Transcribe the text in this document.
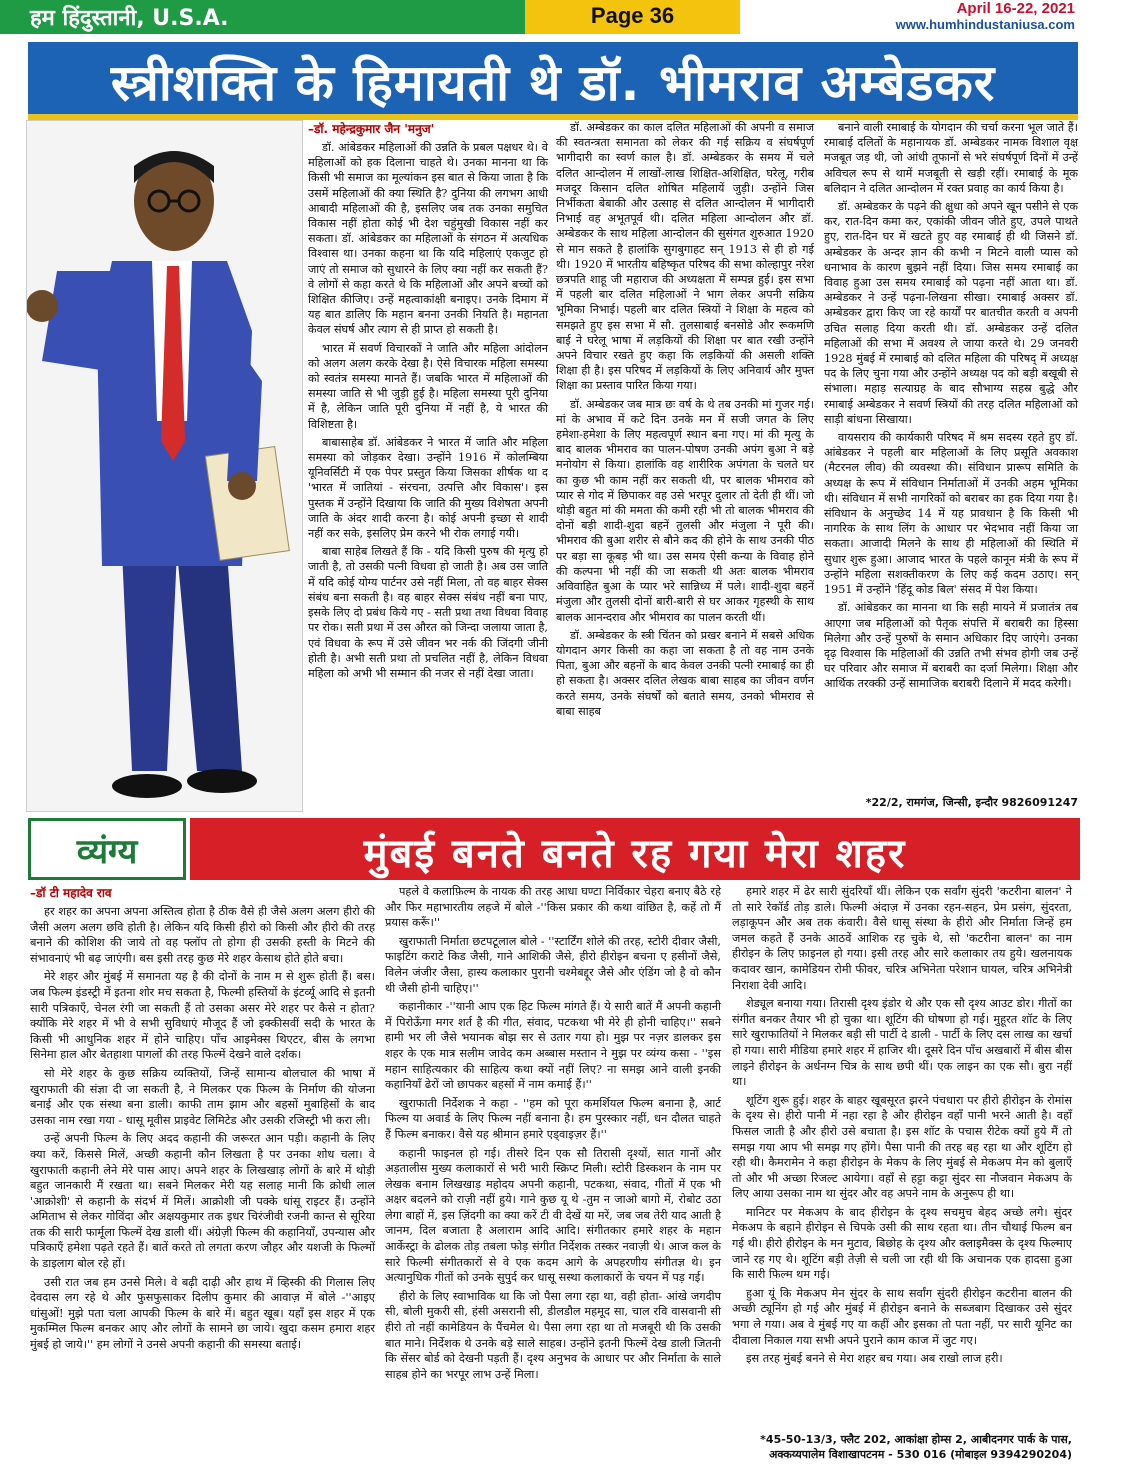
हम हिंदुस्तानी, U.S.A.	Page 36	April 16-22, 2021
www.humhindustaniusa.com
स्त्रीशक्ति के हिमायती थे डॉ. भीमराव अम्बेडकर

–डॉ. महेन्द्रकुमार जैन 'मनुज'

डॉ. आंबेडकर महिलाओं की उन्नति के प्रबल पक्षधर थे। वे महिलाओं को हक दिलाना चाहते थे। उनका मानना था कि किसी भी समाज का मूल्यांकन इस बात से किया जाता है कि उसमें महिलाओं की क्या स्थिति है? दुनिया की लगभग आधी आबादी महिलाओं की है, इसलिए जब तक उनका समुचित विकास नहीं होता कोई भी देश चहुंमुखी विकास नहीं कर सकता। डॉ. आंबेडकर का महिलाओं के संगठन में अत्यधिक विश्वास था। उनका कहना था कि यदि महिलाएं एकजुट हो जाएं तो समाज को सुधारने के लिए क्या नहीं कर सकती हैं? वे लोगों से कहा करते थे कि महिलाओं और अपने बच्चों को शिक्षित कीजिए। उन्हें महत्वाकांक्षी बनाइए। उनके दिमाग में यह बात डालिए कि महान बनना उनकी नियति है। महानता केवल संघर्ष और त्याग से ही प्राप्त हो सकती है।

भारत में सवर्ण विचारकों ने जाति और महिला आंदोलन को अलग अलग करके देखा है। ऐसे विचारक महिला समस्या को स्वतंत्र समस्या मानते हैं। जबकि भारत में महिलाओं की समस्या जाति से भी जुड़ी हुई है। महिला समस्या पूरी दुनिया में है, लेकिन जाति पूरी दुनिया में नहीं है, ये भारत की विशिष्टता है।

बाबासाहेब डॉ. आंबेडकर ने भारत में जाति और महिला समस्या को जोड़कर देखा। उन्होंने 1916 में कोलम्बिया यूनिवर्सिटी में एक पेपर प्रस्तुत किया जिसका शीर्षक था द 'भारत में जातियां - संरचना, उत्पत्ति और विकास'। इस पुस्तक में उन्होंने दिखाया कि जाति की मुख्य विशेषता अपनी जाति के अंदर शादी करना है। कोई अपनी इच्छा से शादी नहीं कर सके, इसलिए प्रेम करने भी रोक लगाई गयी।

बाबा साहेब लिखते हैं कि - यदि किसी पुरुष की मृत्यु हो जाती है, तो उसकी पत्नी विधवा हो जाती है। अब उस जाति में यदि कोई योग्य पार्टनर उसे नहीं मिला, तो वह बाहर सेक्स संबंध बना सकती है। वह बाहर सेक्स संबंध नहीं बना पाए, इसके लिए दो प्रबंध किये गए - सती प्रथा तथा विधवा विवाह पर रोक। सती प्रथा में उस औरत को जिन्दा जलाया जाता है, एवं विधवा के रूप में उसे जीवन भर नर्क की जिंदगी जीनी होती है। अभी सती प्रथा तो प्रचलित नहीं है, लेकिन विधवा महिला को अभी भी सम्मान की नजर से नहीं देखा जाता।

डॉ. अम्बेडकर का काल दलित महिलाओं की अपनी व समाज की स्वतन्त्रता समानता को लेकर की गई सक्रिय व संघर्षपूर्ण भागीदारी का स्वर्ण काल है। डॉ. अम्बेडकर के समय में चले दलित आन्दोलन में लाखों-लाख शिक्षित-अशिक्षित, घरेलू, गरीब मजदूर किसान दलित शोषित महिलायें जुड़ी। उन्होंने जिस निर्भीकता बेबाकी और उत्साह से दलित आन्दोलन में भागीदारी निभाई वह अभूतपूर्व थी। दलित महिला आन्दोलन और डॉ. अम्बेडकर के साथ महिला आन्दोलन की सुसंगत शुरुआत 1920 से मान सकते है हालांकि सुगबुगाहट सन् 1913 से ही हो गई थी। 1920 में भारतीय बहिष्कृत परिषद की सभा कोल्हापुर नरेश छत्रपति शाहू जी महाराज की अध्यक्षता में सम्पन्न हुई। इस सभा में पहली बार दलित महिलाओं ने भाग लेकर अपनी सक्रिय भूमिका निभाई। पहली बार दलित स्त्रियों ने शिक्षा के महत्व को समझते हुए इस सभा में सौ. तुलसाबाई बनसोडे और रूकमणि बाई ने घरेलू भाषा में लड़कियों की शिक्षा पर बात रखी उन्होंने अपने विचार रखते हुए कहा कि लड़कियों की असली शक्ति शिक्षा ही है। इस परिषद में लड़कियों के लिए अनिवार्य और मुफ्त शिक्षा का प्रस्ताव पारित किया गया।

डॉ. अम्बेडकर जब मात्र छः वर्ष के थे तब उनकी मां गुजर गई। मां के अभाव में कटे दिन उनके मन में सजी जगत के लिए हमेशा-हमेशा के लिए महत्वपूर्ण स्थान बना गए। मां की मृत्यु के बाद बालक भीमराव का पालन-पोषण उनकी अपंग बुआ ने बड़े मनोयोग से किया। हालांकि वह शारीरिक अपंगता के चलते घर का कुछ भी काम नहीं कर सकती थी, पर बालक भीमराव को प्यार से गोद में छिपाकर वह उसे भरपूर दुलार तो देती ही थीं। जो थोड़ी बहुत मां की ममता की कमी रही भी तो बालक भीमराव की दोनों बड़ी शादी-शुदा बहनें तुलसी और मंजुला ने पूरी की। भीमराव की बुआ शरीर से बौने कद की होने के साथ उनकी पीठ पर बड़ा सा कूबड़ भी था। उस समय ऐसी कन्या के विवाह होने की कल्पना भी नहीं की जा सकती थी अतः बालक भीमराव अविवाहित बुआ के प्यार भरे सान्निध्य में पले। शादी-शुदा बहनें मंजुला और तुलसी दोनों बारी-बारी से घर आकर गृहस्थी के साथ बालक आनन्दराव और भीमराव का पालन करती थीं।

डॉ. अम्बेडकर के स्त्री चिंतन को प्रखर बनाने में सबसे अधिक योगदान अगर किसी का कहा जा सकता है तो वह नाम उनके पिता, बुआ और बहनों के बाद केवल उनकी पत्नी रमाबाई का ही हो सकता है। अक्सर दलित लेखक बाबा साहब का जीवन वर्णन करते समय, उनके संघर्षों को बताते समय, उनको भीमराव से बाबा साहब

बनाने वाली रमाबाई के योगदान की चर्चा करना भूल जाते हैं। रमाबाई दलितों के महानायक डॉ. अम्बेडकर नामक विशाल वृक्ष मजबूत जड़ थी, जो आंधी तूफानों से भरे संघर्षपूर्ण दिनों में उन्हें अविचल रूप से थामें मजबूती से खड़ी रहीं। रमाबाई के मूक बलिदान ने दलित आन्दोलन में रक्त प्रवाह का कार्य किया है।

डॉ. अम्बेडकर के पढ़ने की क्षुधा को अपने खून पसीने से एक कर, रात-दिन कमा कर, एकांकी जीवन जीते हुए, उपले पाथते हुए, रात-दिन घर में खटते हुए वह रमाबाई ही थी जिसने डॉ. अम्बेडकर के अन्दर ज्ञान की कभी न मिटने वाली प्यास को धनाभाव के कारण बुझने नहीं दिया। जिस समय रमाबाई का विवाह हुआ उस समय रमाबाई को पढ़ना नहीं आता था। डॉ. अम्बेडकर ने उन्हें पढ़ना-लिखना सीखा। रमाबाई अक्सर डॉ. अम्बेडकर द्वारा किए जा रहे कार्यों पर बातचीत करती व अपनी उचित सलाह दिया करती थी। डॉ. अम्बेडकर उन्हें दलित महिलाओं की सभा में अवश्य ले जाया करते थे। 29 जनवरी 1928 मुंबई में रमाबाई को दलित महिला की परिषद् में अध्यक्ष पद के लिए चुना गया और उन्होंने अध्यक्ष पद को बड़ी बखूबी से संभाला। महाड़ सत्याग्रह के बाद सौभाग्य सहस्र बुद्धे और रमाबाई अम्बेडकर ने सवर्ण स्त्रियों की तरह दलित महिलाओं को साड़ी बांधना सिखाया।

वायसराय की कार्यकारी परिषद में श्रम सदस्य रहते हुए डॉ. आंबेडकर ने पहली बार महिलाओं के लिए प्रसूति अवकाश (मैटरनल लीव) की व्यवस्था की। संविधान प्रारूप समिति के अध्यक्ष के रूप में संविधान निर्माताओं में उनकी अहम भूमिका थी। संविधान में सभी नागरिकों को बराबर का हक दिया गया है। संविधान के अनुच्छेद 14 में यह प्रावधान है कि किसी भी नागरिक के साथ लिंग के आधार पर भेदभाव नहीं किया जा सकता। आजादी मिलने के साथ ही महिलाओं की स्थिति में सुधार शुरू हुआ। आजाद भारत के पहले कानून मंत्री के रूप में उन्होंने महिला सशक्तीकरण के लिए कई कदम उठाए। सन् 1951 में उन्होंने 'हिंदू कोड बिल' संसद में पेश किया।

डॉ. आंबेडकर का मानना था कि सही मायने में प्रजातंत्र तब आएगा जब महिलाओं को पैतृक संपत्ति में बराबरी का हिस्सा मिलेगा और उन्हें पुरुषों के समान अधिकार दिए जाएंगे। उनका दृढ़ विश्वास कि महिलाओं की उन्नति तभी संभव होगी जब उन्हें घर परिवार और समाज में बराबरी का दर्जा मिलेगा। शिक्षा और आर्थिक तरक्की उन्हें सामाजिक बराबरी दिलाने में मदद करेगी।

*22/2, रामगंज, जिन्सी, इन्दौर 9826091247
व्यंग्य	मुंबई बनते बनते रह गया मेरा शहर

–डॉ टी महादेव राव

हर शहर का अपना अपना अस्तित्व होता है ठीक वैसे ही जैसे अलग अलग हीरो की जैसी अलग अलग छवि होती है। लेकिन यदि किसी हीरो को किसी और हीरो की तरह बनाने की कोशिश की जाये तो वह फ्लॉप तो होगा ही उसकी हस्ती के मिटने की संभावनाएं भी बढ़ जाएंगी। बस इसी तरह कुछ मेरे शहर केसाथ होते होते बचा।

मेरे शहर और मुंबई में समानता यह है की दोनों के नाम म से शुरू होती हैं। बस। जब फिल्म इंडस्ट्री में इतना शोर मच सकता है, फिल्मी हस्तियों के इंटर्व्यू आदि से इतनी सारी पत्रिकाएँ, चेनल रंगी जा सकती हैं तो उसका असर मेरे शहर पर कैसे न होता? क्योंकि मेरे शहर में भी वे सभी सुविधाएं मौजूद हैं जो इक्कीसवीं सदी के भारत के किसी भी आधुनिक शहर में होने चाहिए। पाँच आइमेक्स थिएटर, बीस के लगभा सिनेमा हाल और बेतहाशा पागलों की तरह फिल्में देखने वाले दर्शक।

सो मेरे शहर के कुछ सक्रिय व्यक्तियों, जिन्हें सामान्य बोलचाल की भाषा में खुराफाती की संज्ञा दी जा सकती है, ने मिलकर एक फिल्म के निर्माण की योजना बनाई और एक संस्था बना डाली। काफी ताम झाम और बहसों मुबाहिसों के बाद उसका नाम रखा गया - धासू मूवीस प्राइवेट लिमिटेड और उसकी रजिस्ट्री भी करा ली।

उन्हें अपनी फिल्म के लिए अदद कहानी की जरूरत आन पड़ी। कहानी के लिए क्या करें, किससे मिलें, अच्छी कहानी कौन लिखता है पर उनका शोध चला। वे खुराफाती कहानी लेने मेरे पास आए। अपने शहर के लिखखाड़ लोगों के बारे में थोड़ी बहुत जानकारी मैं रखता था। सबने मिलकर मेरी यह सलाह मानी कि क्रोधी लाल 'आक्रोशी' से कहानी के संदर्भ में मिलें। आक्रोशी जी पक्के धांसू राइटर हैं। उन्होंने अमिताभ से लेकर गोविंदा और अक्षयकुमार तक इधर चिरंजीवी रजनी कान्त से सूरिया तक की सारी फार्मूला फिल्में देख डाली थीं। अंग्रेज़ी फिल्म की कहानियाँ, उपन्यास और पत्रिकाएँ हमेशा पढ़ते रहते हैं। बातें करते तो लगता करण जौहर और यशजी के फिल्मों के डाइलाग बोल रहे हों।

उसी रात जब हम उनसे मिले। वे बढ़ी दाढ़ी और हाथ में व्हिस्की की गिलास लिए देवदास लग रहे थे और फुसफुसाकर दिलीप कुमार की आवाज़ में बोले -''आइए धांसुओं! मुझे पता चला आपकी फिल्म के बारे में। बहुत खूब। यहाँ इस शहर में एक मुकम्मिल फिल्म बनकर आए और लोगों के सामने छा जाये। खुदा कसम हमारा शहर मुंबई हो जाये।'' हम लोगों ने उनसे अपनी कहानी की समस्या बताई।

पहले वे कलाफ़िल्म के नायक की तरह आधा घण्टा निर्विकार चेहरा बनाए बैठे रहे और फिर महाभारतीय लहजे में बोले -''किस प्रकार की कथा वांछित है, कहें तो मैं प्रयास करूँ।''

खुराफाती निर्माता छटपटूलाल बोले - ''स्टार्टिंग शोले की तरह, स्टोरी दीवार जैसी, फाइटिंग कराटे किड जैसी, गाने आशिकी जैसे, हीरो हीरोइन बचना ए हसीनों जैसे, विलेन जंजीर जैसा, हास्य कलाकार पुरानी चश्मेबद्दूर जैसे और एंडिंग जो है वो कौन थी जैसी होनी चाहिए।''

कहानीकार -''यानी आप एक हिट फिल्म मांगते हैं। ये सारी बातें मैं अपनी कहानी में पिरोऊँगा मगर शर्त है की गीत, संवाद, पटकथा भी मेरे ही होनी चाहिए।'' सबने हामी भर ली जैसे भयानक बोझ सर से उतार गया हो। मुझ पर नज़र डालकर इस शहर के एक मात्र सलीम जावेद कम अब्बास मस्तान ने मुझ पर व्यंग्य कसा - ''इस महान साहित्यकार की साहित्य कथा क्यों नहीं लिए? ना समझ आने वाली इनकी कहानियाँ ढेरों जो छापकर बहसों में नाम कमाई हैं।''

खुराफाती निर्देशक ने कहा - ''हम को पूरा कमर्शियल फिल्म बनाना है, आर्ट फिल्म या अवार्ड के लिए फिल्म नहीं बनाना है। हम पुरस्कार नहीं, धन दौलत चाहते हैं फिल्म बनाकर। वैसे यह श्रीमान हमारे एड्वाइज़र हैं।''

कहानी फाइनल हो गई। तीसरे दिन एक सौ तिरासी दृश्यों, सात गानों और अड़तालीस मुख्य कलाकारों से भरी भारी स्क्रिप्ट मिली। स्टोरी डिस्कशन के नाम पर लेखक बनाम लिखखाड़ महोदय अपनी कहानी, पटकथा, संवाद, गीतों में एक भी अक्षर बदलने को राज़ी नहीं हुये। गाने कुछ यू थे -तुम न जाओ बागो में, रोबोट उठा लेगा बाहों में, इस ज़िंदगी का क्या करें टी वी देखें या मरें, जब जब तेरी याद आती है जानम, दिल बजाता है अलाराम आदि आदि। संगीतकार हमारे शहर के महान आर्केस्ट्रा के ढोलक तोड़ तबला फोड़ संगीत निर्देशक तस्कर नवाज़ी थे। आज कल के सारे फिल्मी संगीतकारों से वे एक कदम आगे के अपहरणीय संगीतज्ञ थे। इन अत्यानुधिक गीतों को उनके सुपुर्द कर धासू सस्था कलाकारों के चयन में पड़ गई।

हीरो के लिए स्वाभाविक था कि जो पैसा लगा रहा था, वही होता- आंखे जगदीप सी, बोली मुकरी सी, हंसी असरानी सी, डीलडौल महमूद सा, चाल रवि वासवानी सी हीरो तो नहीं कामेडियन के पैंचमेल थे। पैसा लगा रहा था तो मजबूरी थी कि उसकी बात माने। निर्देशक थे उनके बड़े साले साहब। उन्होंने इतनी फिल्में देख डाली जितनी कि सेंसर बोर्ड को देखनी पड़ती हैं। दृश्य अनुभव के आधार पर और निर्माता के साले साहब होने का भरपूर लाभ उन्हें मिला।

हमारे शहर में ढेर सारी सुंदरियाँ थीं। लेकिन एक सर्वांग सुंदरी 'कटरीना बालन' ने तो सारे रेकॉर्ड तोड़ डाले। फिल्मी अंदाज़ में उनका रहन-सहन, प्रेम प्रसंग, सुंदरता, लड़ाकूपन और अब तक कंवारी। वैसे धासू संस्था के हीरो और निर्माता जिन्हें हम जमल कहते हैं उनके आठवें आशिक रह चुके थे, सो 'कटरीना बालन' का नाम हीरोइन के लिए फ़ाइनल हो गया। इसी तरह और सारे कलाकार तय हुये। खलनायक कदावर खान, कामेडियन रोमी फीवर, चरित्र अभिनेता परेशान घायल, चरित्र अभिनेत्री निराशा देवी आदि।

शेड्यूल बनाया गया। तिरासी दृश्य इंडोर थे और एक सौ दृश्य आउट डोर। गीतों का संगीत बनकर तैयार भी हो चुका था। शूटिंग की घोषणा हो गई। मुहूरत शॉट के लिए सारे खुराफातियों ने मिलकर बड़ी सी पार्टी दे डाली - पार्टी के लिए दस लाख का खर्चा हो गया। सारी मीडिया हमारे शहर में हाजिर थी। दूसरे दिन पाँच अखबारों में बीस बीस लाइने हीरोइन के अर्धनग्न चित्र के साथ छपी थीं। एक लाइन का एक सौ। बुरा नहीं था।

शूटिंग शुरू हुई। शहर के बाहर खूबसूरत झरने पंचधारा पर हीरो हीरोइन के रोमांस के दृश्य से। हीरो पानी में नहा रहा है और हीरोइन वहाँ पानी भरने आती है। वहाँ फिसल जाती है और हीरो उसे बचाता है। इस शॉट के पचास रीटेक क्यों हुये मैं तो समझ गया आप भी समझ गए होंगे। पैसा पानी की तरह बह रहा था और शूटिंग हो रही थी। कैमरामेन ने कहा हीरोइन के मेकप के लिए मुंबई से मेकअप मेन को बुलाएँ तो और भी अच्छा रिजल्ट आयेगा। वहाँ से हट्टा कट्टा सुंदर सा नौजवान मेकअप के लिए आया उसका नाम था सुंदर और वह अपने नाम के अनुरूप ही था।

मानिटर पर मेकअप के बाद हीरोइन के दृश्य सचमुच बेहद अच्छे लगे। सुंदर मेकअप के बहाने हीरोइन से चिपके उसी की साथ रहता था। तीन चौथाई फिल्म बन गई थी। हीरो हीरोइन के मन मुटाव, बिछोह के दृश्य और क्लाइमैक्स के दृश्य फिल्माए जाने रह गए थे। शूटिंग बड़ी तेज़ी से चली जा रही थी कि अचानक एक हादसा हुआ कि सारी फिल्म थम गई।

हुआ यूं कि मेकअप मेन सुंदर के साथ सर्वांग सुंदरी हीरोइन कटरीना बालन की अच्छी ट्यूनिंग हो गई और मुंबई में हीरोइन बनाने के सब्जबाग दिखाकर उसे सुंदर भगा ले गया। अब वे मुंबई गए या कहीं और इसका तो पता नहीं, पर सारी यूनिट का दीवाला निकाल गया सभी अपने पुराने काम काज में जुट गए।

इस तरह मुंबई बनने से मेरा शहर बच गया। अब राखो लाज हरी।

*45-50-13/3, फ्लैट 202, आकांक्षा होम्स 2, आबीदनगर पार्क के पास, अक्कय्यपालेम विशाखापटनम - 530 016 (मोबाइल 9394290204)
